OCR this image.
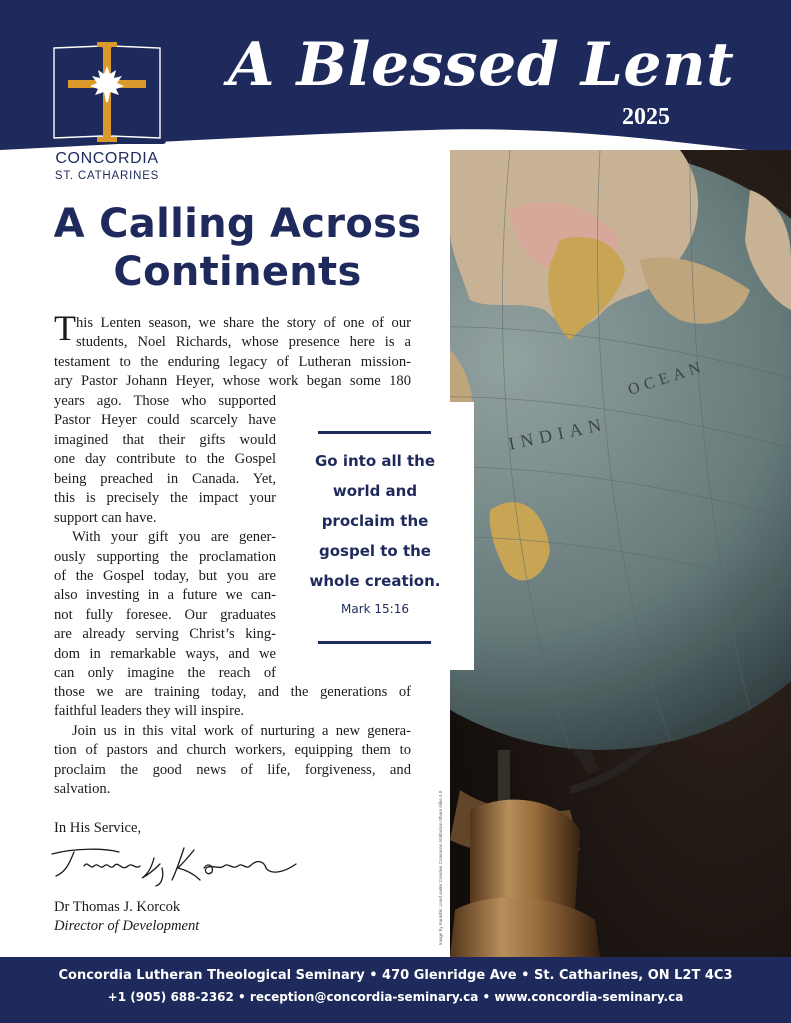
A Blessed Lent
2025
CONCORDIA
ST. CATHARINES
INDIAN
OCEAN
Image by Kanishk. Used under Creative Commons Attribution-Share Alike 4.0
A Calling Across
Continents
T his Lenten season, we share the story of one of our
students, Noel Richards, whose presence here is a
testament to the enduring legacy of Lutheran mission-
ary Pastor Johann Heyer, whose work began some 180
years ago. Those who supported
Pastor Heyer could scarcely have
imagined that their gifts would
one day contribute to the Gospel
being preached in Canada. Yet,
this is precisely the impact your
support can have.
With your gift you are gener-
ously supporting the proclamation
of the Gospel today, but you are
also investing in a future we can-
not fully foresee. Our graduates
are already serving Christ’s king-
dom in remarkable ways, and we
can only imagine the reach of
those we are training today, and the generations of
faithful leaders they will inspire.
Join us in this vital work of nurturing a new genera-
tion of pastors and church workers, equipping them to
proclaim the good news of life, forgiveness, and
salvation.
Go into all the
world and
proclaim the
gospel to the
whole creation.
Mark 15:16
In His Service,
Dr Thomas J. Korcok
Director of Development
Concordia Lutheran Theological Seminary • 470 Glenridge Ave • St. Catharines, ON L2T 4C3
+1 (905) 688-2362 • reception@concordia-seminary.ca • www.concordia-seminary.ca
